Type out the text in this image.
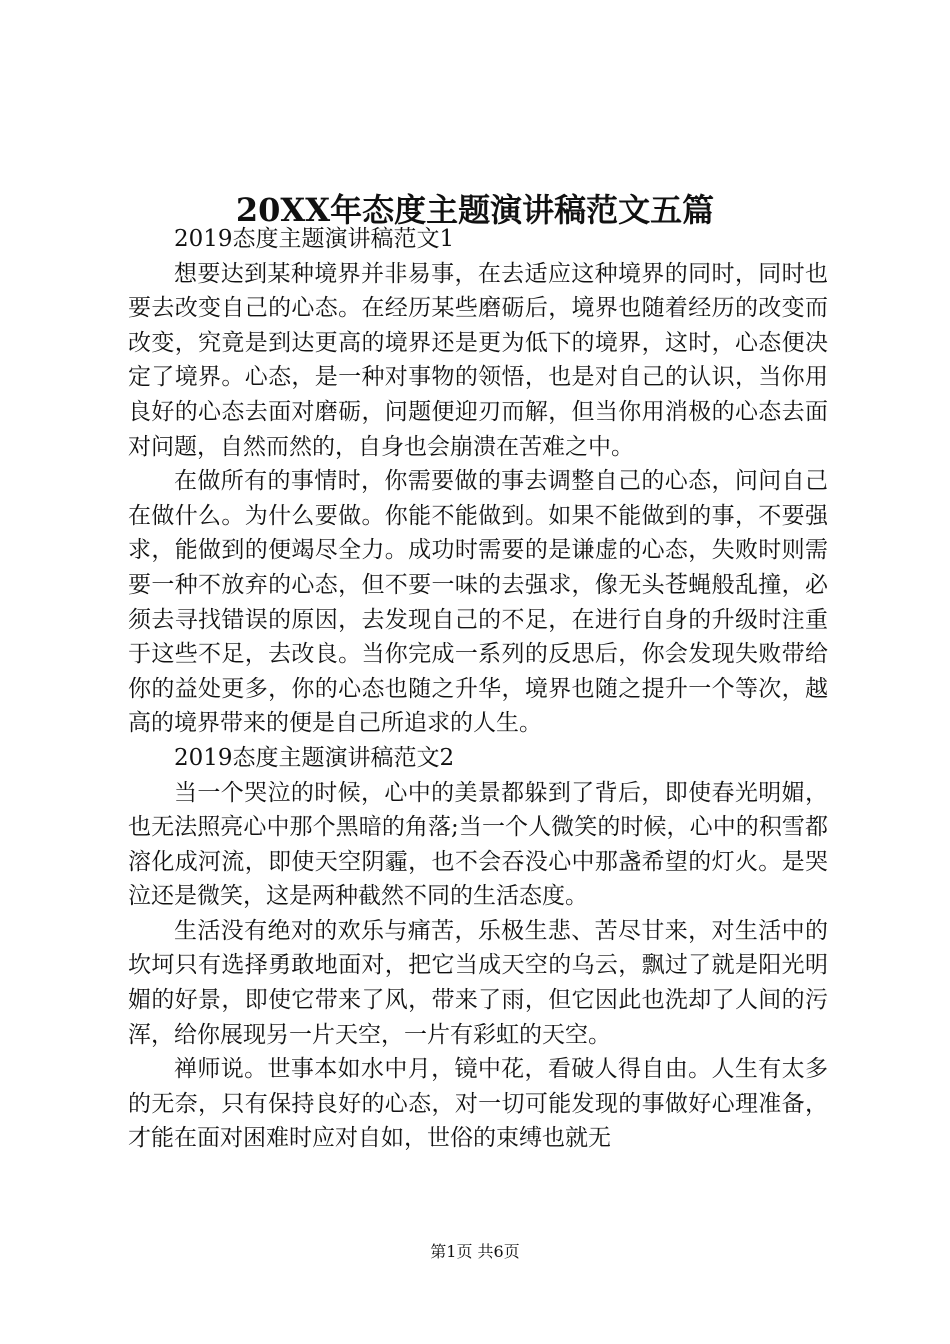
20XX年态度主题演讲稿范文五篇

2019态度主题演讲稿范文1

想要达到某种境界并非易事，在去适应这种境界的同时，同时也要去改变自己的心态。在经历某些磨砺后，境界也随着经历的改变而改变，究竟是到达更高的境界还是更为低下的境界，这时，心态便决定了境界。心态，是一种对事物的领悟，也是对自己的认识，当你用良好的心态去面对磨砺，问题便迎刃而解，但当你用消极的心态去面对问题，自然而然的，自身也会崩溃在苦难之中。

在做所有的事情时，你需要做的事去调整自己的心态，问问自己在做什么。为什么要做。你能不能做到。如果不能做到的事，不要强求，能做到的便竭尽全力。成功时需要的是谦虚的心态，失败时则需要一种不放弃的心态，但不要一味的去强求，像无头苍蝇般乱撞，必须去寻找错误的原因，去发现自己的不足，在进行自身的升级时注重于这些不足，去改良。当你完成一系列的反思后，你会发现失败带给你的益处更多，你的心态也随之升华，境界也随之提升一个等次，越高的境界带来的便是自己所追求的人生。

2019态度主题演讲稿范文2

当一个哭泣的时候，心中的美景都躲到了背后，即使春光明媚，也无法照亮心中那个黑暗的角落;当一个人微笑的时候，心中的积雪都溶化成河流，即使天空阴霾，也不会吞没心中那盏希望的灯火。是哭泣还是微笑，这是两种截然不同的生活态度。

生活没有绝对的欢乐与痛苦，乐极生悲、苦尽甘来，对生活中的坎坷只有选择勇敢地面对，把它当成天空的乌云，飘过了就是阳光明媚的好景，即使它带来了风，带来了雨，但它因此也洗却了人间的污浑，给你展现另一片天空，一片有彩虹的天空。

禅师说。世事本如水中月，镜中花，看破人得自由。人生有太多的无奈，只有保持良好的心态，对一切可能发现的事做好心理准备，才能在面对困难时应对自如，世俗的束缚也就无

第1页 共6页
